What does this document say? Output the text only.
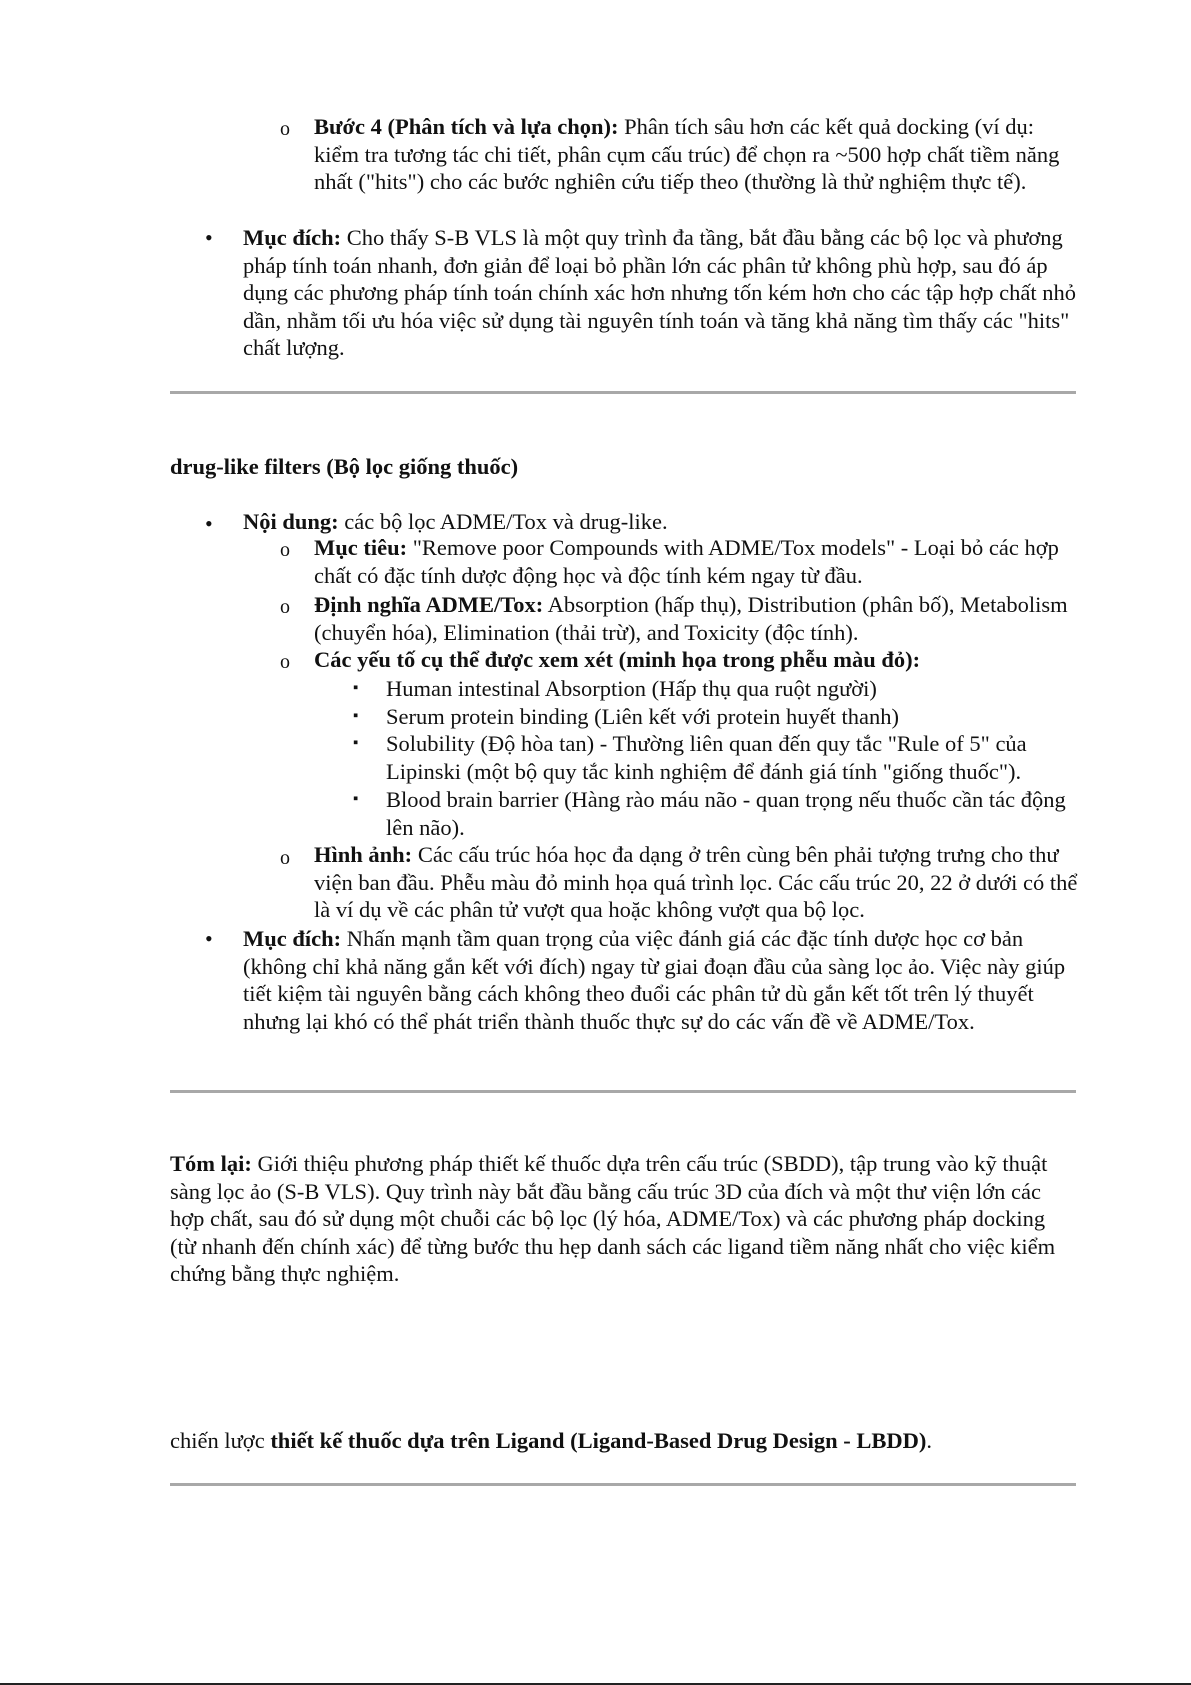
o Bước 4 (Phân tích và lựa chọn): Phân tích sâu hơn các kết quả docking (ví dụ: kiểm tra tương tác chi tiết, phân cụm cấu trúc) để chọn ra ~500 hợp chất tiềm năng nhất ("hits") cho các bước nghiên cứu tiếp theo (thường là thử nghiệm thực tế).
• Mục đích: Cho thấy S-B VLS là một quy trình đa tầng, bắt đầu bằng các bộ lọc và phương pháp tính toán nhanh, đơn giản để loại bỏ phần lớn các phân tử không phù hợp, sau đó áp dụng các phương pháp tính toán chính xác hơn nhưng tốn kém hơn cho các tập hợp chất nhỏ dần, nhằm tối ưu hóa việc sử dụng tài nguyên tính toán và tăng khả năng tìm thấy các "hits" chất lượng.
drug-like filters (Bộ lọc giống thuốc)
• Nội dung: các bộ lọc ADME/Tox và drug-like.
o Mục tiêu: "Remove poor Compounds with ADME/Tox models" - Loại bỏ các hợp chất có đặc tính dược động học và độc tính kém ngay từ đầu.
o Định nghĩa ADME/Tox: Absorption (hấp thụ), Distribution (phân bố), Metabolism (chuyển hóa), Elimination (thải trừ), and Toxicity (độc tính).
o Các yếu tố cụ thể được xem xét (minh họa trong phễu màu đỏ):
▪ Human intestinal Absorption (Hấp thụ qua ruột người)
▪ Serum protein binding (Liên kết với protein huyết thanh)
▪ Solubility (Độ hòa tan) - Thường liên quan đến quy tắc "Rule of 5" của Lipinski (một bộ quy tắc kinh nghiệm để đánh giá tính "giống thuốc").
▪ Blood brain barrier (Hàng rào máu não - quan trọng nếu thuốc cần tác động lên não).
o Hình ảnh: Các cấu trúc hóa học đa dạng ở trên cùng bên phải tượng trưng cho thư viện ban đầu. Phễu màu đỏ minh họa quá trình lọc. Các cấu trúc 20, 22 ở dưới có thể là ví dụ về các phân tử vượt qua hoặc không vượt qua bộ lọc.
• Mục đích: Nhấn mạnh tầm quan trọng của việc đánh giá các đặc tính dược học cơ bản (không chỉ khả năng gắn kết với đích) ngay từ giai đoạn đầu của sàng lọc ảo. Việc này giúp tiết kiệm tài nguyên bằng cách không theo đuổi các phân tử dù gắn kết tốt trên lý thuyết nhưng lại khó có thể phát triển thành thuốc thực sự do các vấn đề về ADME/Tox.
Tóm lại: Giới thiệu phương pháp thiết kế thuốc dựa trên cấu trúc (SBDD), tập trung vào kỹ thuật sàng lọc ảo (S-B VLS). Quy trình này bắt đầu bằng cấu trúc 3D của đích và một thư viện lớn các hợp chất, sau đó sử dụng một chuỗi các bộ lọc (lý hóa, ADME/Tox) và các phương pháp docking (từ nhanh đến chính xác) để từng bước thu hẹp danh sách các ligand tiềm năng nhất cho việc kiểm chứng bằng thực nghiệm.
chiến lược thiết kế thuốc dựa trên Ligand (Ligand-Based Drug Design - LBDD).
